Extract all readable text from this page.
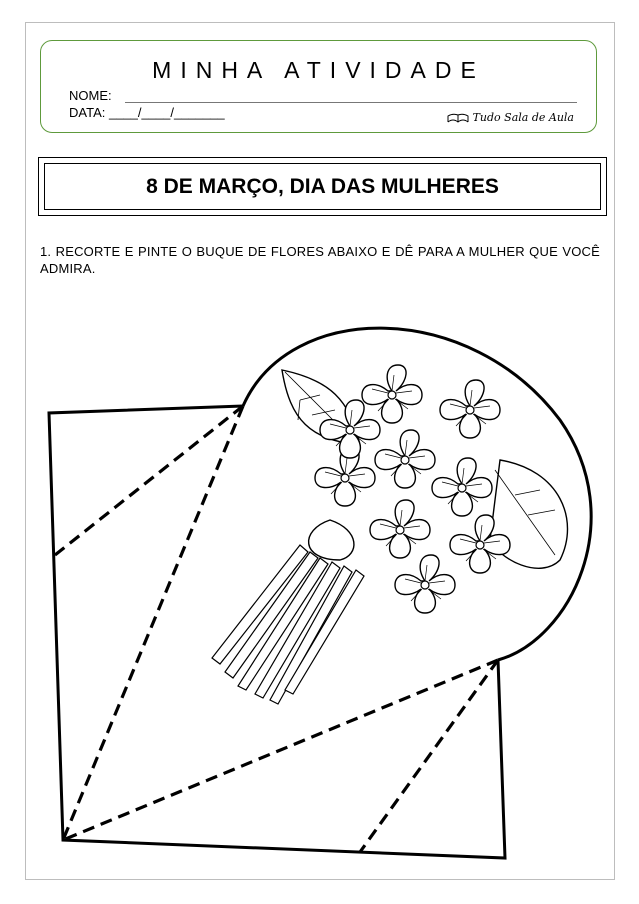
MINHA ATIVIDADE
NOME:
DATA: ____/____/_______	Tudo Sala de Aula
8 DE MARÇO, DIA DAS MULHERES
1. RECORTE E PINTE O BUQUE DE FLORES ABAIXO E DÊ PARA A MULHER QUE VOCÊ ADMIRA.
